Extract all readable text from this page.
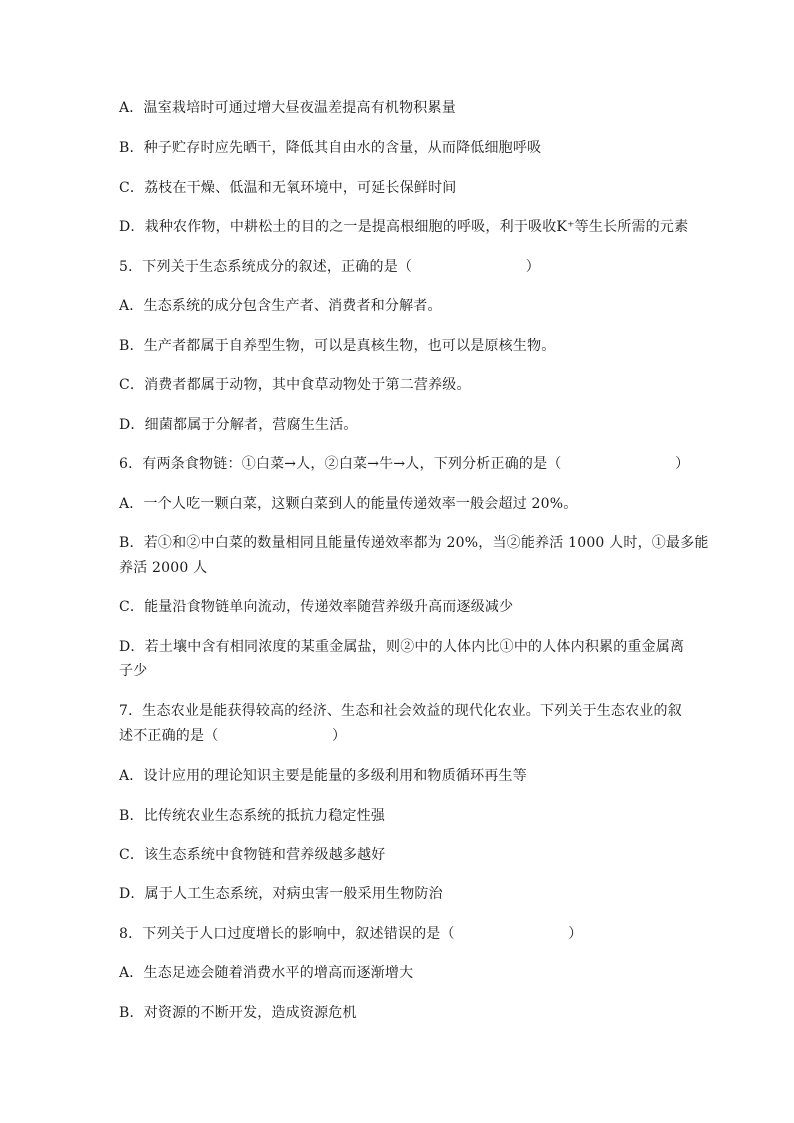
A．温室栽培时可通过增大昼夜温差提高有机物积累量
B．种子贮存时应先晒干，降低其自由水的含量，从而降低细胞呼吸
C．荔枝在干燥、低温和无氧环境中，可延长保鲜时间
D．栽种农作物，中耕松土的目的之一是提高根细胞的呼吸，利于吸收K⁺等生长所需的元素
5．下列关于生态系统成分的叙述，正确的是（　　　　　　　　）
A．生态系统的成分包含生产者、消费者和分解者。
B．生产者都属于自养型生物，可以是真核生物，也可以是原核生物。
C．消费者都属于动物，其中食草动物处于第二营养级。
D．细菌都属于分解者，营腐生生活。
6．有两条食物链：①白菜→人，②白菜→牛→人，下列分析正确的是（　　　　　　　　）
A．一个人吃一颗白菜，这颗白菜到人的能量传递效率一般会超过 20%。
B．若①和②中白菜的数量相同且能量传递效率都为 20%，当②能养活 1000 人时，①最多能
养活 2000 人
C．能量沿食物链单向流动，传递效率随营养级升高而逐级减少
D．若土壤中含有相同浓度的某重金属盐，则②中的人体内比①中的人体内积累的重金属离
子少
7．生态农业是能获得较高的经济、生态和社会效益的现代化农业。下列关于生态农业的叙
述不正确的是（　　　　　　　　）
A．设计应用的理论知识主要是能量的多级利用和物质循环再生等
B．比传统农业生态系统的抵抗力稳定性强
C．该生态系统中食物链和营养级越多越好
D．属于人工生态系统，对病虫害一般采用生物防治
8．下列关于人口过度增长的影响中，叙述错误的是（　　　　　　　　）
A．生态足迹会随着消费水平的增高而逐渐增大
B．对资源的不断开发，造成资源危机
